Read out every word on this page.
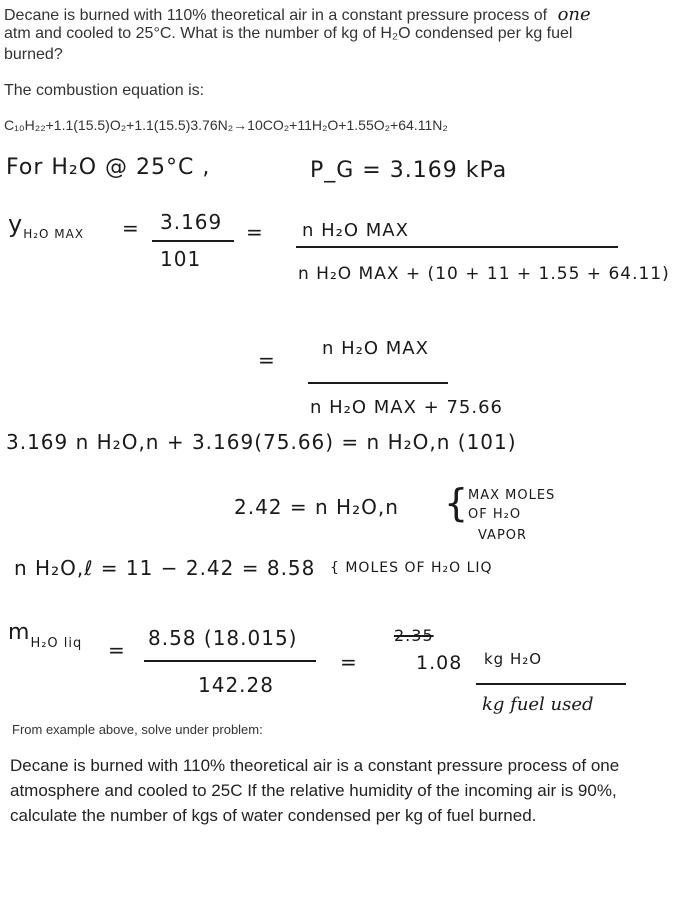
Decane is burned with 110% theoretical air in a constant pressure process of one
atm and cooled to 25°C. What is the number of kg of H₂O condensed per kg fuel
burned?
The combustion equation is:
C₁₀H₂₂+1.1(15.5)O₂+1.1(15.5)3.76N₂→10CO₂+11H₂O+1.55O₂+64.11N₂
For H₂O @ 25°C ,	P_G = 3.169 kPa
$y_{H_2O MAX} = 3.169$
101
= n H₂O MAX
n H₂O MAX + (10 + 11 + 1.55 + 64.11)
=	n H₂O MAX
n H₂O MAX + 75.66
3.169 n H₂O,n + 3.169(75.66) = n H₂O,n (101)
2.42 = n H₂O,n {
MAX MOLES
OF H₂O
VAPOR
n H₂O,ℓ = 11 − 2.42 = 8.58 { MOLES OF H₂O LIQ
$m_{H_2O liq} = 8.58$ (18.015)
142.28
=
2.35
1.08 kg H₂O
kg fuel used
From example above, solve under problem:
Decane is burned with 110% theoretical air is a constant pressure process of one
atmosphere and cooled to 25C If the relative humidity of the incoming air is 90%,
calculate the number of kgs of water condensed per kg of fuel burned.
